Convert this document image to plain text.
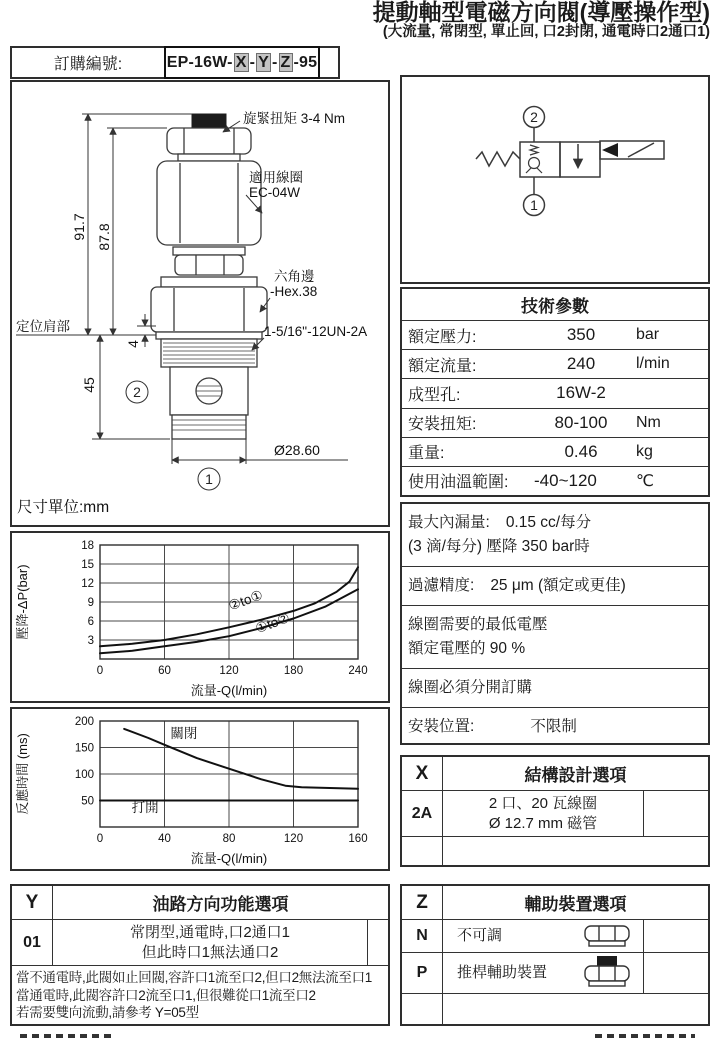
提動軸型電磁方向閥(導壓操作型)
(大流量, 常閉型, 單止回, 口2封閉, 通電時口2通口1)
訂購編號:	EP-16W- X - Y - Z -95
91.7 87.8
45
4
Ø28.60
定位肩部
旋緊扭矩 3-4 Nm
適用線圈
EC-04W
六角邊
-Hex.38
1-5/16"-12UN-2A
2
1
尺寸單位:mm
3
6
9
12
15
18
0	60	120	180	240
②to①
①to②
流量-Q(l/min)
壓降-ΔP(bar)
50
100
150
200
0	40	80	120	160
關閉
打開
流量-Q(l/min)
反應時間 (ms)
Y	油路方向功能選項
01
常閉型,通電時,口2通口1
但此時口1無法通口2
當不通電時,此閥如止回閥,容許口1流至口2,但口2無法流至口1
當通電時,此閥容許口2流至口1,但很難從口1流至口2
若需要雙向流動,請參考 Y=05型
2
1
技術參數
額定壓力:	350	bar
額定流量:	240	l/min
成型孔:	16W-2
安裝扭矩:	80-100	Nm
重量:	0.46	kg
使用油溫範圍:	-40~120	℃
最大內漏量: 0.15 cc/每分
(3 滴/每分) 壓降 350 bar時
過濾精度: 25 μm (額定或更佳)
線圈需要的最低電壓
額定電壓的 90 %
線圈必須分開訂購
安裝位置:	不限制
X	結構設計選項
2A
2 口、20 瓦線圈
Ø 12.7 mm 磁管
Z	輔助裝置選項
N	不可調
P	推桿輔助裝置
